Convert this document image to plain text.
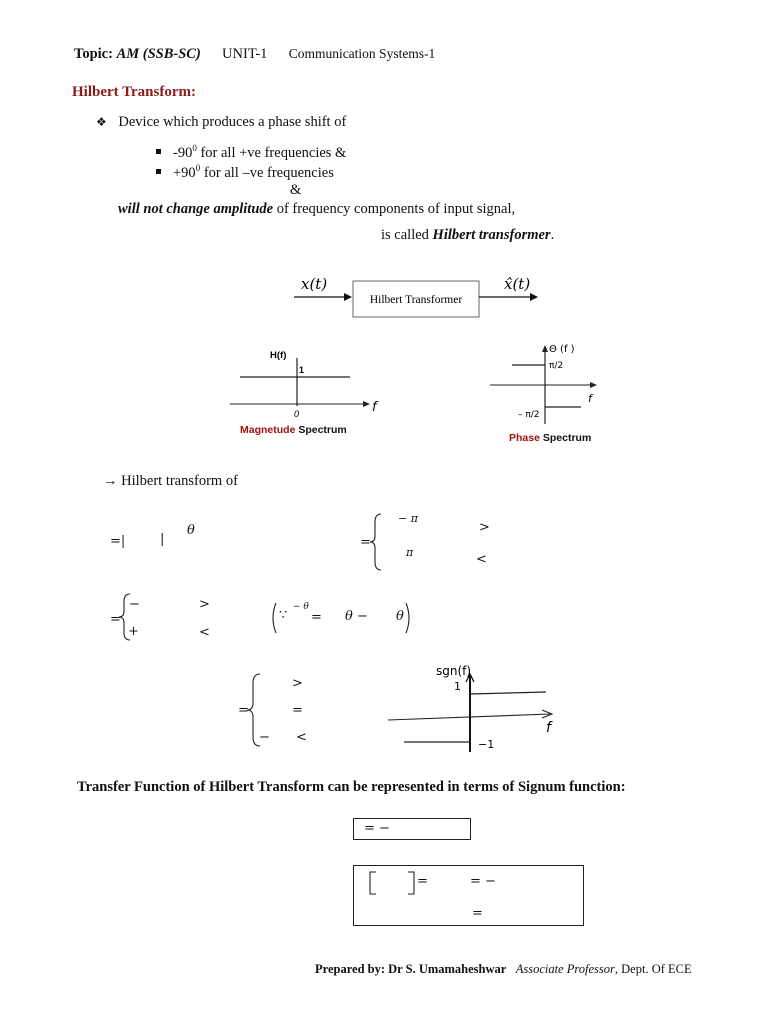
Topic: AM (SSB-SC) UNIT-1 Communication Systems-1
Hilbert Transform:
❖ Device which produces a phase shift of
$-90^0$ for all +ve frequencies &
$+90^0$ for all –ve frequencies
&
will not change amplitude of frequency components of input signal,
is called Hilbert transformer.
x(t)
Hilbert Transformer
x̂(t)
H(f)
1
0	f
Magnetude Spectrum
Θ (f )
π/2
– π/2
f
Phase Spectrum
→ Hilbert transform of
=|	|
θ
=
− π
π
>
<
=
−
+
>
<
∵
− θ
= θ − θ
=
>
=
− <
sgn(f)
1
−1
f
Transfer Function of Hilbert Transform can be represented in terms of Signum function:
= −
=	= −
=
Prepared by: Dr S. Umamaheshwar Associate Professor, Dept. Of ECE
